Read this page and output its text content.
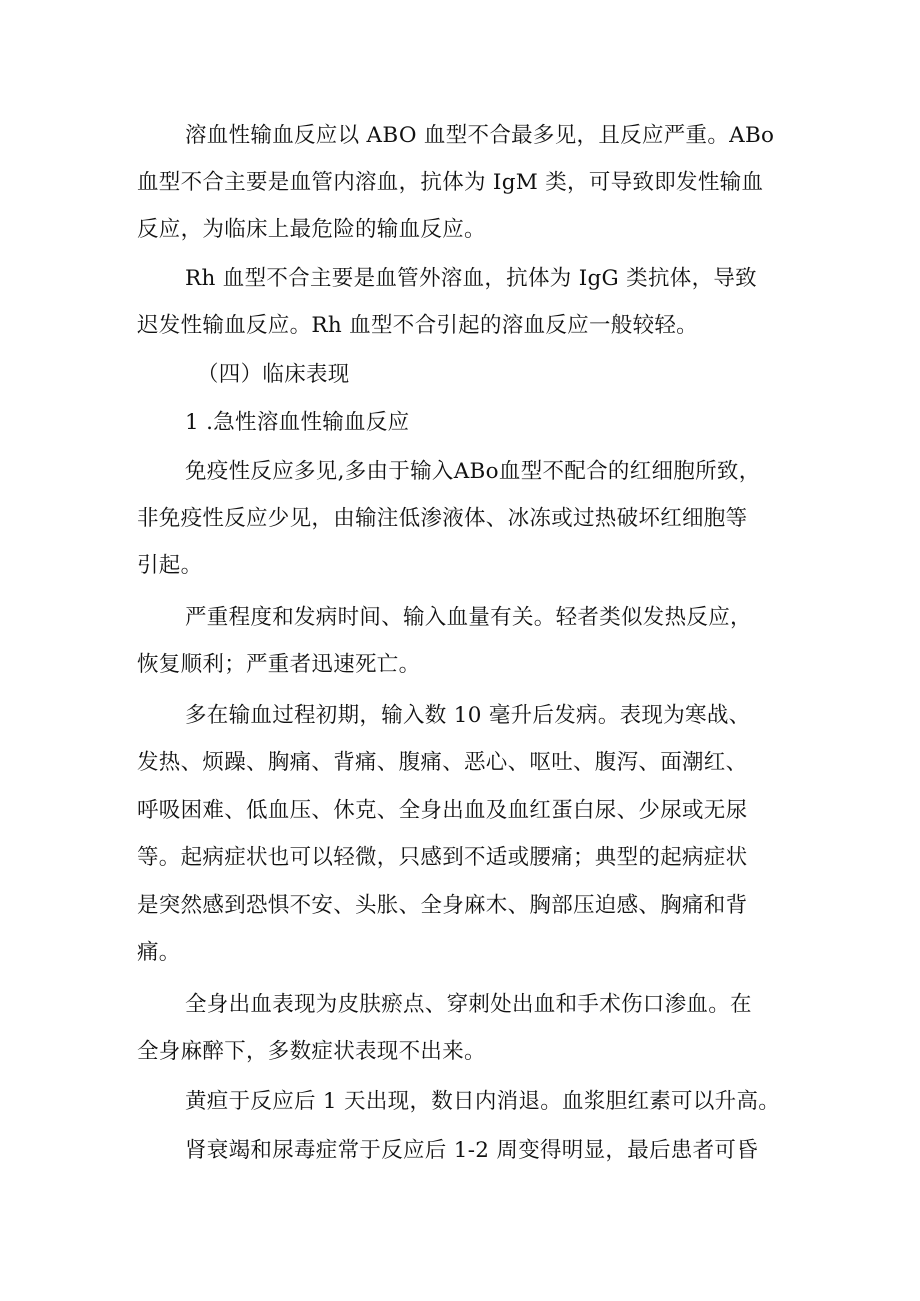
溶血性输血反应以 ABO 血型不合最多见，且反应严重。ABo
血型不合主要是血管内溶血，抗体为 IgM 类，可导致即发性输血
反应，为临床上最危险的输血反应。
Rh 血型不合主要是血管外溶血，抗体为 IgG 类抗体，导致
迟发性输血反应。Rh 血型不合引起的溶血反应一般较轻。
（四）临床表现
1 .急性溶血性输血反应
免疫性反应多见,多由于输入ABo血型不配合的红细胞所致，
非免疫性反应少见，由输注低渗液体、冰冻或过热破坏红细胞等
引起。
严重程度和发病时间、输入血量有关。轻者类似发热反应，
恢复顺利；严重者迅速死亡。
多在输血过程初期，输入数 10 毫升后发病。表现为寒战、
发热、烦躁、胸痛、背痛、腹痛、恶心、呕吐、腹泻、面潮红、
呼吸困难、低血压、休克、全身出血及血红蛋白尿、少尿或无尿
等。起病症状也可以轻微，只感到不适或腰痛；典型的起病症状
是突然感到恐惧不安、头胀、全身麻木、胸部压迫感、胸痛和背
痛。
全身出血表现为皮肤瘀点、穿刺处出血和手术伤口渗血。在
全身麻醉下，多数症状表现不出来。
黄疸于反应后 1 天出现，数日内消退。血浆胆红素可以升高。
肾衰竭和尿毒症常于反应后 1-2 周变得明显，最后患者可昏
